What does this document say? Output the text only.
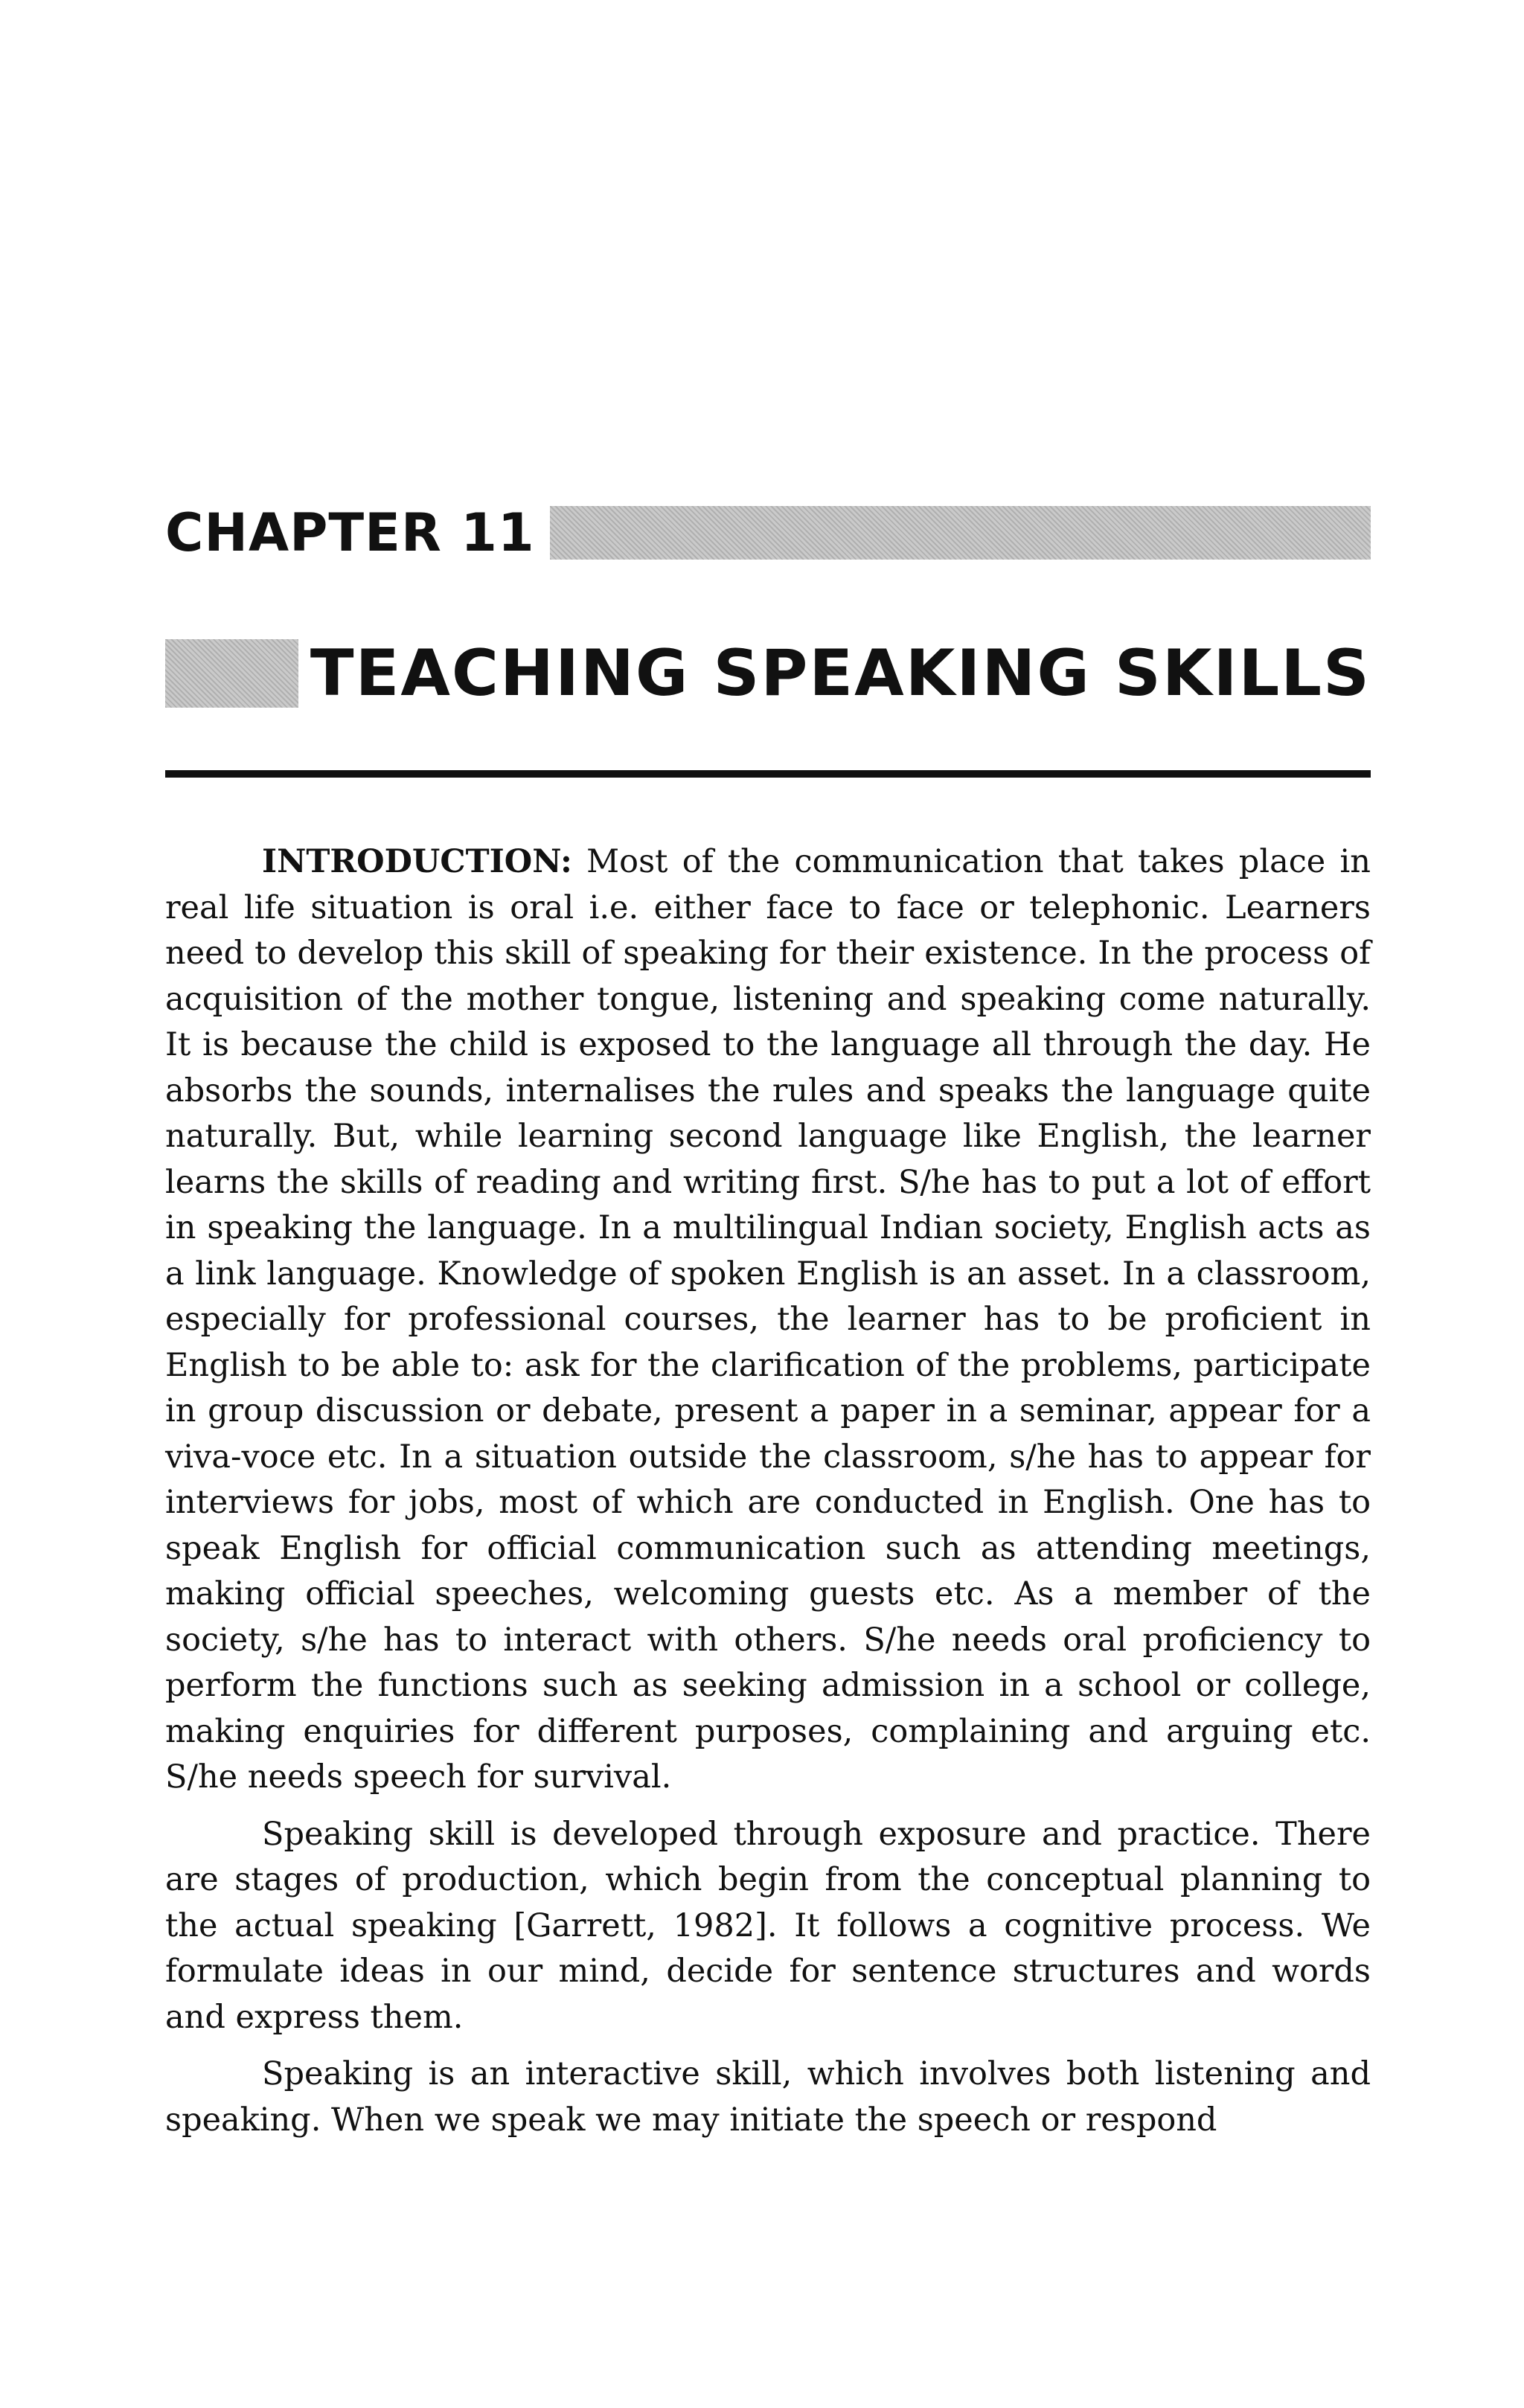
CHAPTER 11
TEACHING SPEAKING SKILLS

INTRODUCTION: Most of the communication that takes place in real life situation is oral i.e. either face to face or telephonic. Learners need to develop this skill of speaking for their existence. In the process of acquisition of the mother tongue, listening and speaking come naturally. It is because the child is exposed to the language all through the day. He absorbs the sounds, internalises the rules and speaks the language quite naturally. But, while learning second language like English, the learner learns the skills of reading and writing first. S/he has to put a lot of effort in speaking the language. In a multilingual Indian society, English acts as a link language. Knowledge of spoken English is an asset. In a classroom, especially for professional courses, the learner has to be proficient in English to be able to: ask for the clarification of the problems, participate in group discussion or debate, present a paper in a seminar, appear for a viva-voce etc. In a situation outside the classroom, s/he has to appear for interviews for jobs, most of which are conducted in English. One has to speak English for official communication such as attending meetings, making official speeches, welcoming guests etc. As a member of the society, s/he has to interact with others. S/he needs oral proficiency to perform the functions such as seeking admission in a school or college, making enquiries for different purposes, complaining and arguing etc. S/he needs speech for survival.

Speaking skill is developed through exposure and practice. There are stages of production, which begin from the conceptual planning to the actual speaking [Garrett, 1982]. It follows a cognitive process. We formulate ideas in our mind, decide for sentence structures and words and express them.

Speaking is an interactive skill, which involves both listening and speaking. When we speak we may initiate the speech or respond
